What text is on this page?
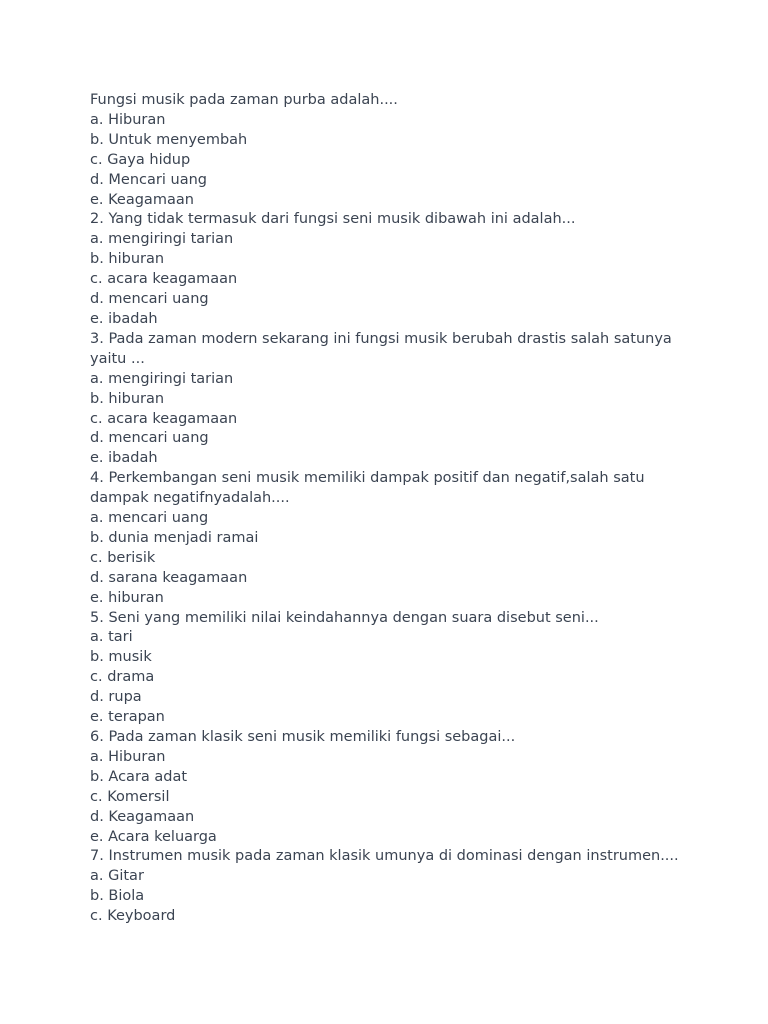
Fungsi musik pada zaman purba adalah....
a. Hiburan
b. Untuk menyembah
c. Gaya hidup
d. Mencari uang
e. Keagamaan
2. Yang tidak termasuk dari fungsi seni musik dibawah ini adalah...
a. mengiringi tarian
b. hiburan
c. acara keagamaan
d. mencari uang
e. ibadah
3. Pada zaman modern sekarang ini fungsi musik berubah drastis salah satunya
yaitu ...
a. mengiringi tarian
b. hiburan
c. acara keagamaan
d. mencari uang
e. ibadah
4. Perkembangan seni musik memiliki dampak positif dan negatif,salah satu
dampak negatifnyadalah....
a. mencari uang
b. dunia menjadi ramai
c. berisik
d. sarana keagamaan
e. hiburan
5. Seni yang memiliki nilai keindahannya dengan suara disebut seni...
a. tari
b. musik
c. drama
d. rupa
e. terapan
6. Pada zaman klasik seni musik memiliki fungsi sebagai...
a. Hiburan
b. Acara adat
c. Komersil
d. Keagamaan
e. Acara keluarga
7. Instrumen musik pada zaman klasik umunya di dominasi dengan instrumen....
a. Gitar
b. Biola
c. Keyboard
